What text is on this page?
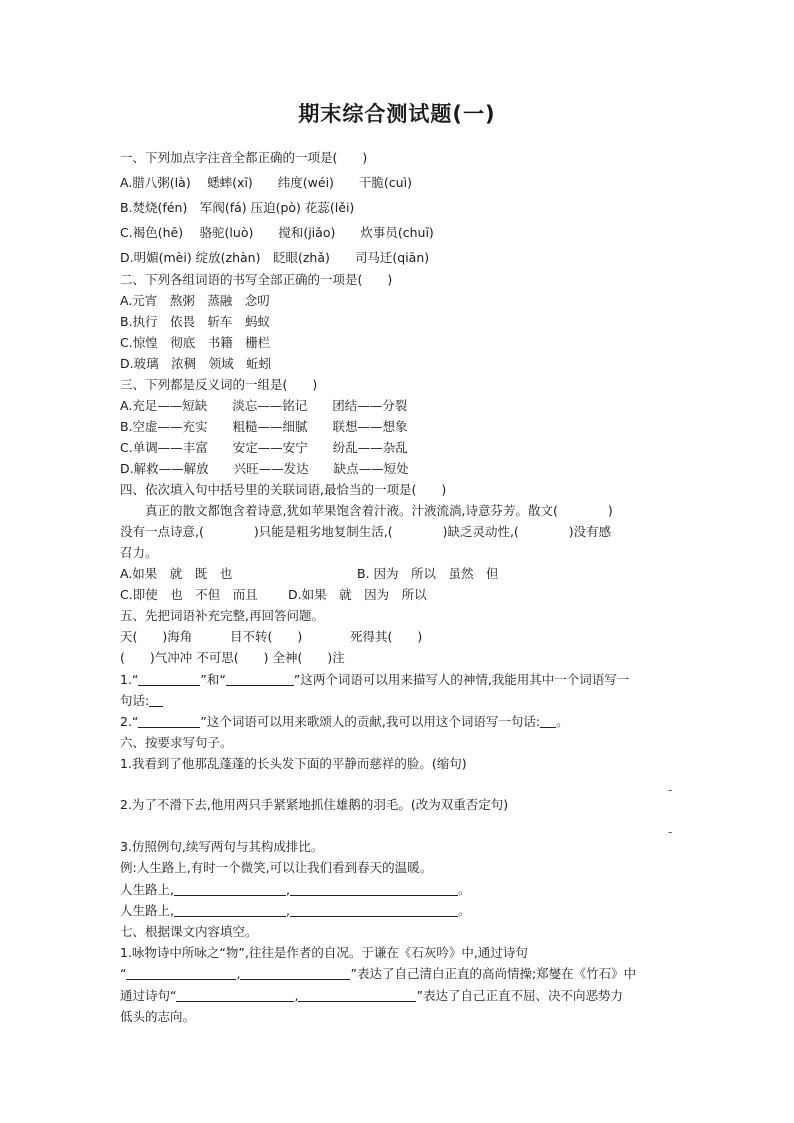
期末综合测试题(一)
一、下列加点字注音全都正确的一项是(　　)
A.腊八粥(là)　 蟋蟀(xī)　　纬度(wéi)　　干脆(cuì)
B.焚烧(fén)　军阀(fá) 压迫(pò) 花蕊(lěi)
C.褐色(hē)　 骆驼(luò)　　搅和(jiǎo)　　炊事员(chuī)
D.明媚(mèi) 绽放(zhàn)　眨眼(zhǎ)　　司马迁(qiān)
二、下列各组词语的书写全部正确的一项是(　　)
A.元宵　熬粥　蒸融　念叨
B.执行　依畏　斩车　蚂蚁
C.惊惶　彻底　书籍　栅栏
D.玻璃　浓稠　领域　蚯蚓
三、下列都是反义词的一组是(　　)
A.充足——短缺　　淡忘——铭记　　团结——分裂
B.空虚——充实　　粗糙——细腻　　联想——想象
C.单调——丰富　　安定——安宁　　纷乱——杂乱
D.解救——解放　　兴旺——发达　　缺点——短处
四、依次填入句中括号里的关联词语,最恰当的一项是(　　)
　　真正的散文都饱含着诗意,犹如苹果饱含着汁液。汁液流淌,诗意芬芳。散文(　　　　)
没有一点诗意,(　　　　)只能是粗劣地复制生活,(　　　　)缺乏灵动性,(　　　　)没有感
召力。
A.如果　就　既　也	B. 因为　所以　虽然　但
C.即使　也　不但　而且 D.如果　就　因为　所以
五、先把词语补充完整,再回答问题。
天(　　)海角	目不转(　　)	死得其(　　)
(　　)气冲冲 不可思(　　) 全神(　　)注
1.“	”和“	”这两个词语可以用来描写人的神情,我能用其中一个词语写一
句话:
2.“	”这个词语可以用来歌颂人的贡献,我可以用这个词语写一句话: 。
六、按要求写句子。
1.我看到了他那乱蓬蓬的长头发下面的平静而慈祥的脸。(缩句)
-
2.为了不滑下去,他用两只手紧紧地抓住雄鹅的羽毛。(改为双重否定句)
-
3.仿照例句,续写两句与其构成排比。
例:人生路上,有时一个微笑,可以让我们看到春天的温暖。
人生路上,	,	。
人生路上,	,	。
七、根据课文内容填空。
1.咏物诗中所咏之“物”,往往是作者的自况。于谦在《石灰吟》中,通过诗句
“	,	”表达了自己清白正直的高尚情操;郑燮在《竹石》中
通过诗句“	,	”表达了自己正直不屈、决不向恶势力
低头的志向。
